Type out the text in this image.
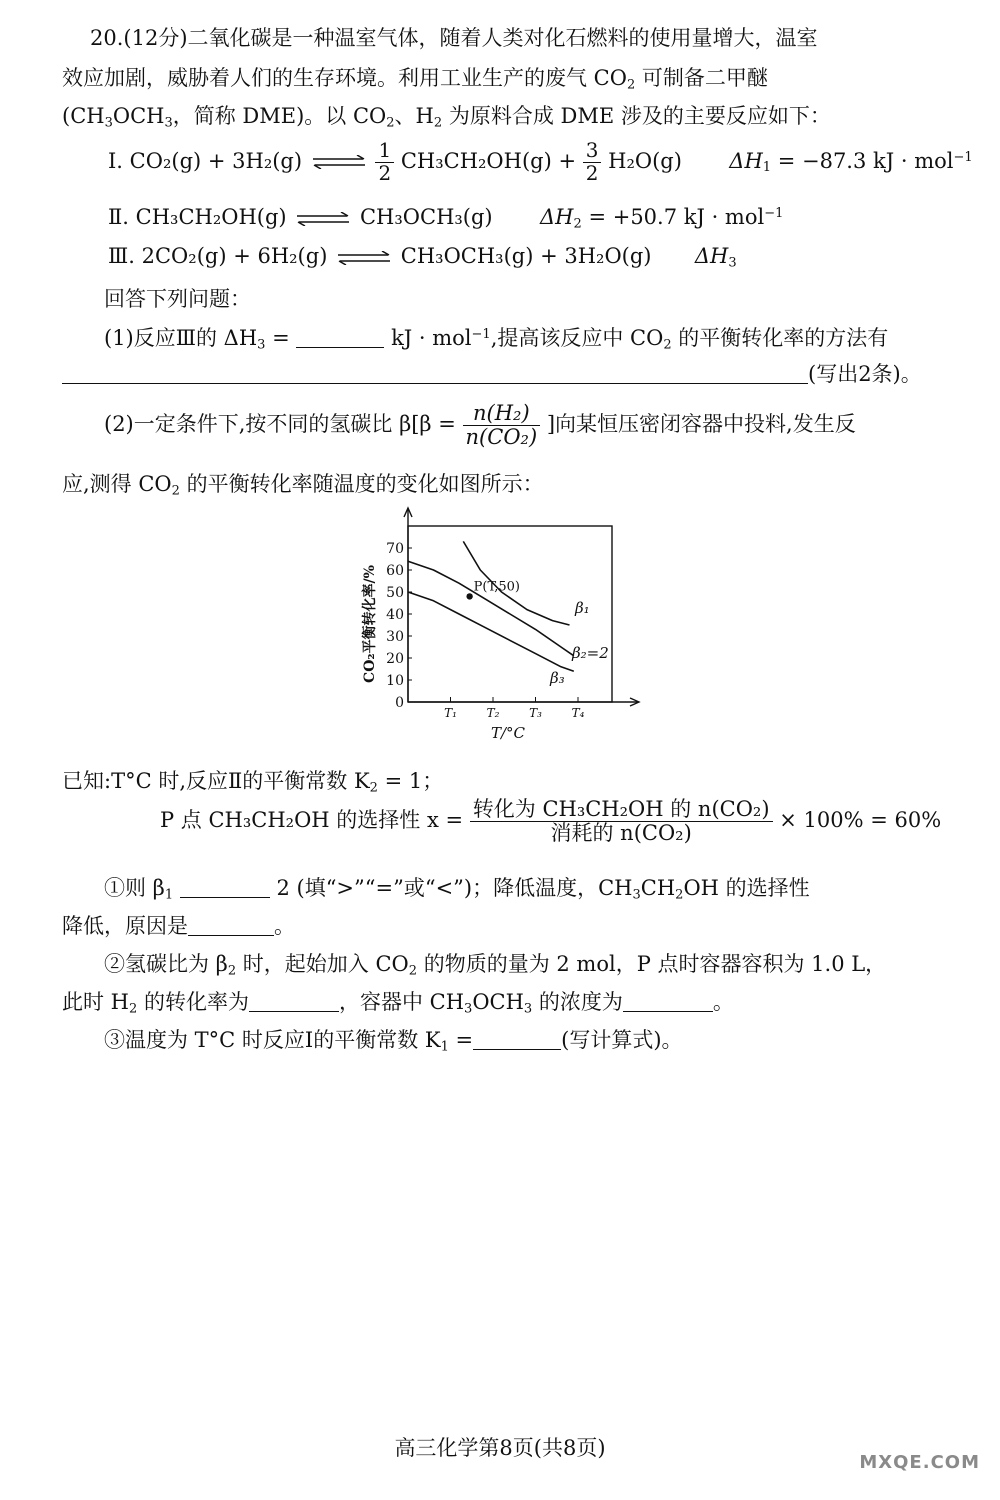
20.(12分)二氧化碳是一种温室气体，随着人类对化石燃料的使用量增大，温室
效应加剧，威胁着人们的生存环境。利用工业生产的废气 $CO_2$ 可制备二甲醚
($CH_3OCH_3$，简称 DME)。以 $CO_2$、$H_2$ 为原料合成 DME 涉及的主要反应如下：
Ⅰ. CO₂(g) + 3H₂(g) ⇌ $\frac{1}{2} CH_3CH_2OH(g) + \frac{3}{2} H_2O(g) \Delta H_1 = -87.3$ kJ · mol$^{-1}$
Ⅱ. CH₃CH₂OH(g) ⇌ CH₃OCH₃(g) $\Delta H_2 = +50.7$ kJ · mol$^{-1}$
Ⅲ. 2CO₂(g) + 6H₂(g) ⇌ CH₃OCH₃(g) + 3H₂O(g) $\Delta H_3$
回答下列问题：
(1)反应Ⅲ的 $\Delta H_3$ =	kJ · mol$^{-1}$,提高该反应中 $CO_2$ 的平衡转化率的方法有
(写出2条)。
(2)一定条件下,按不同的氢碳比 $\beta[\beta = \frac{\text{n(H₂)}}{\text{n(CO₂)}}$ ]向某恒压密闭容器中投料,发生反
应,测得 $CO_2$ 的平衡转化率随温度的变化如图所示：
0
10
20
30
40
50
60
70
T₁ T₂ T₃ T₄
T/°C
CO₂平衡转化率/%	β₁
β₂=2
β₃
P(T,50)
已知:T°C 时,反应Ⅱ的平衡常数 $K_2 = 1$；
P 点 CH₃CH₂OH 的选择性 $x = \frac{\text{转化为 CH₃CH₂OH 的 n(CO₂)}}{\text{消耗的 n(CO₂)}} \times 100\% = 60\%$
①则 $\beta_1$	2 (填“>”“=”或“<”)；降低温度，$CH_3CH_2OH$ 的选择性
降低，原因是	。
②氢碳比为 $\beta_2$ 时，起始加入 $CO_2$ 的物质的量为 2 mol，P 点时容器容积为 1.0 L，
此时 $H_2$ 的转化率为	，容器中 $CH_3OCH_3$ 的浓度为	。
③温度为 T°C 时反应Ⅰ的平衡常数 $K_1$ =	(写计算式)。
高三化学第8页(共8页)
MXQE.COM
